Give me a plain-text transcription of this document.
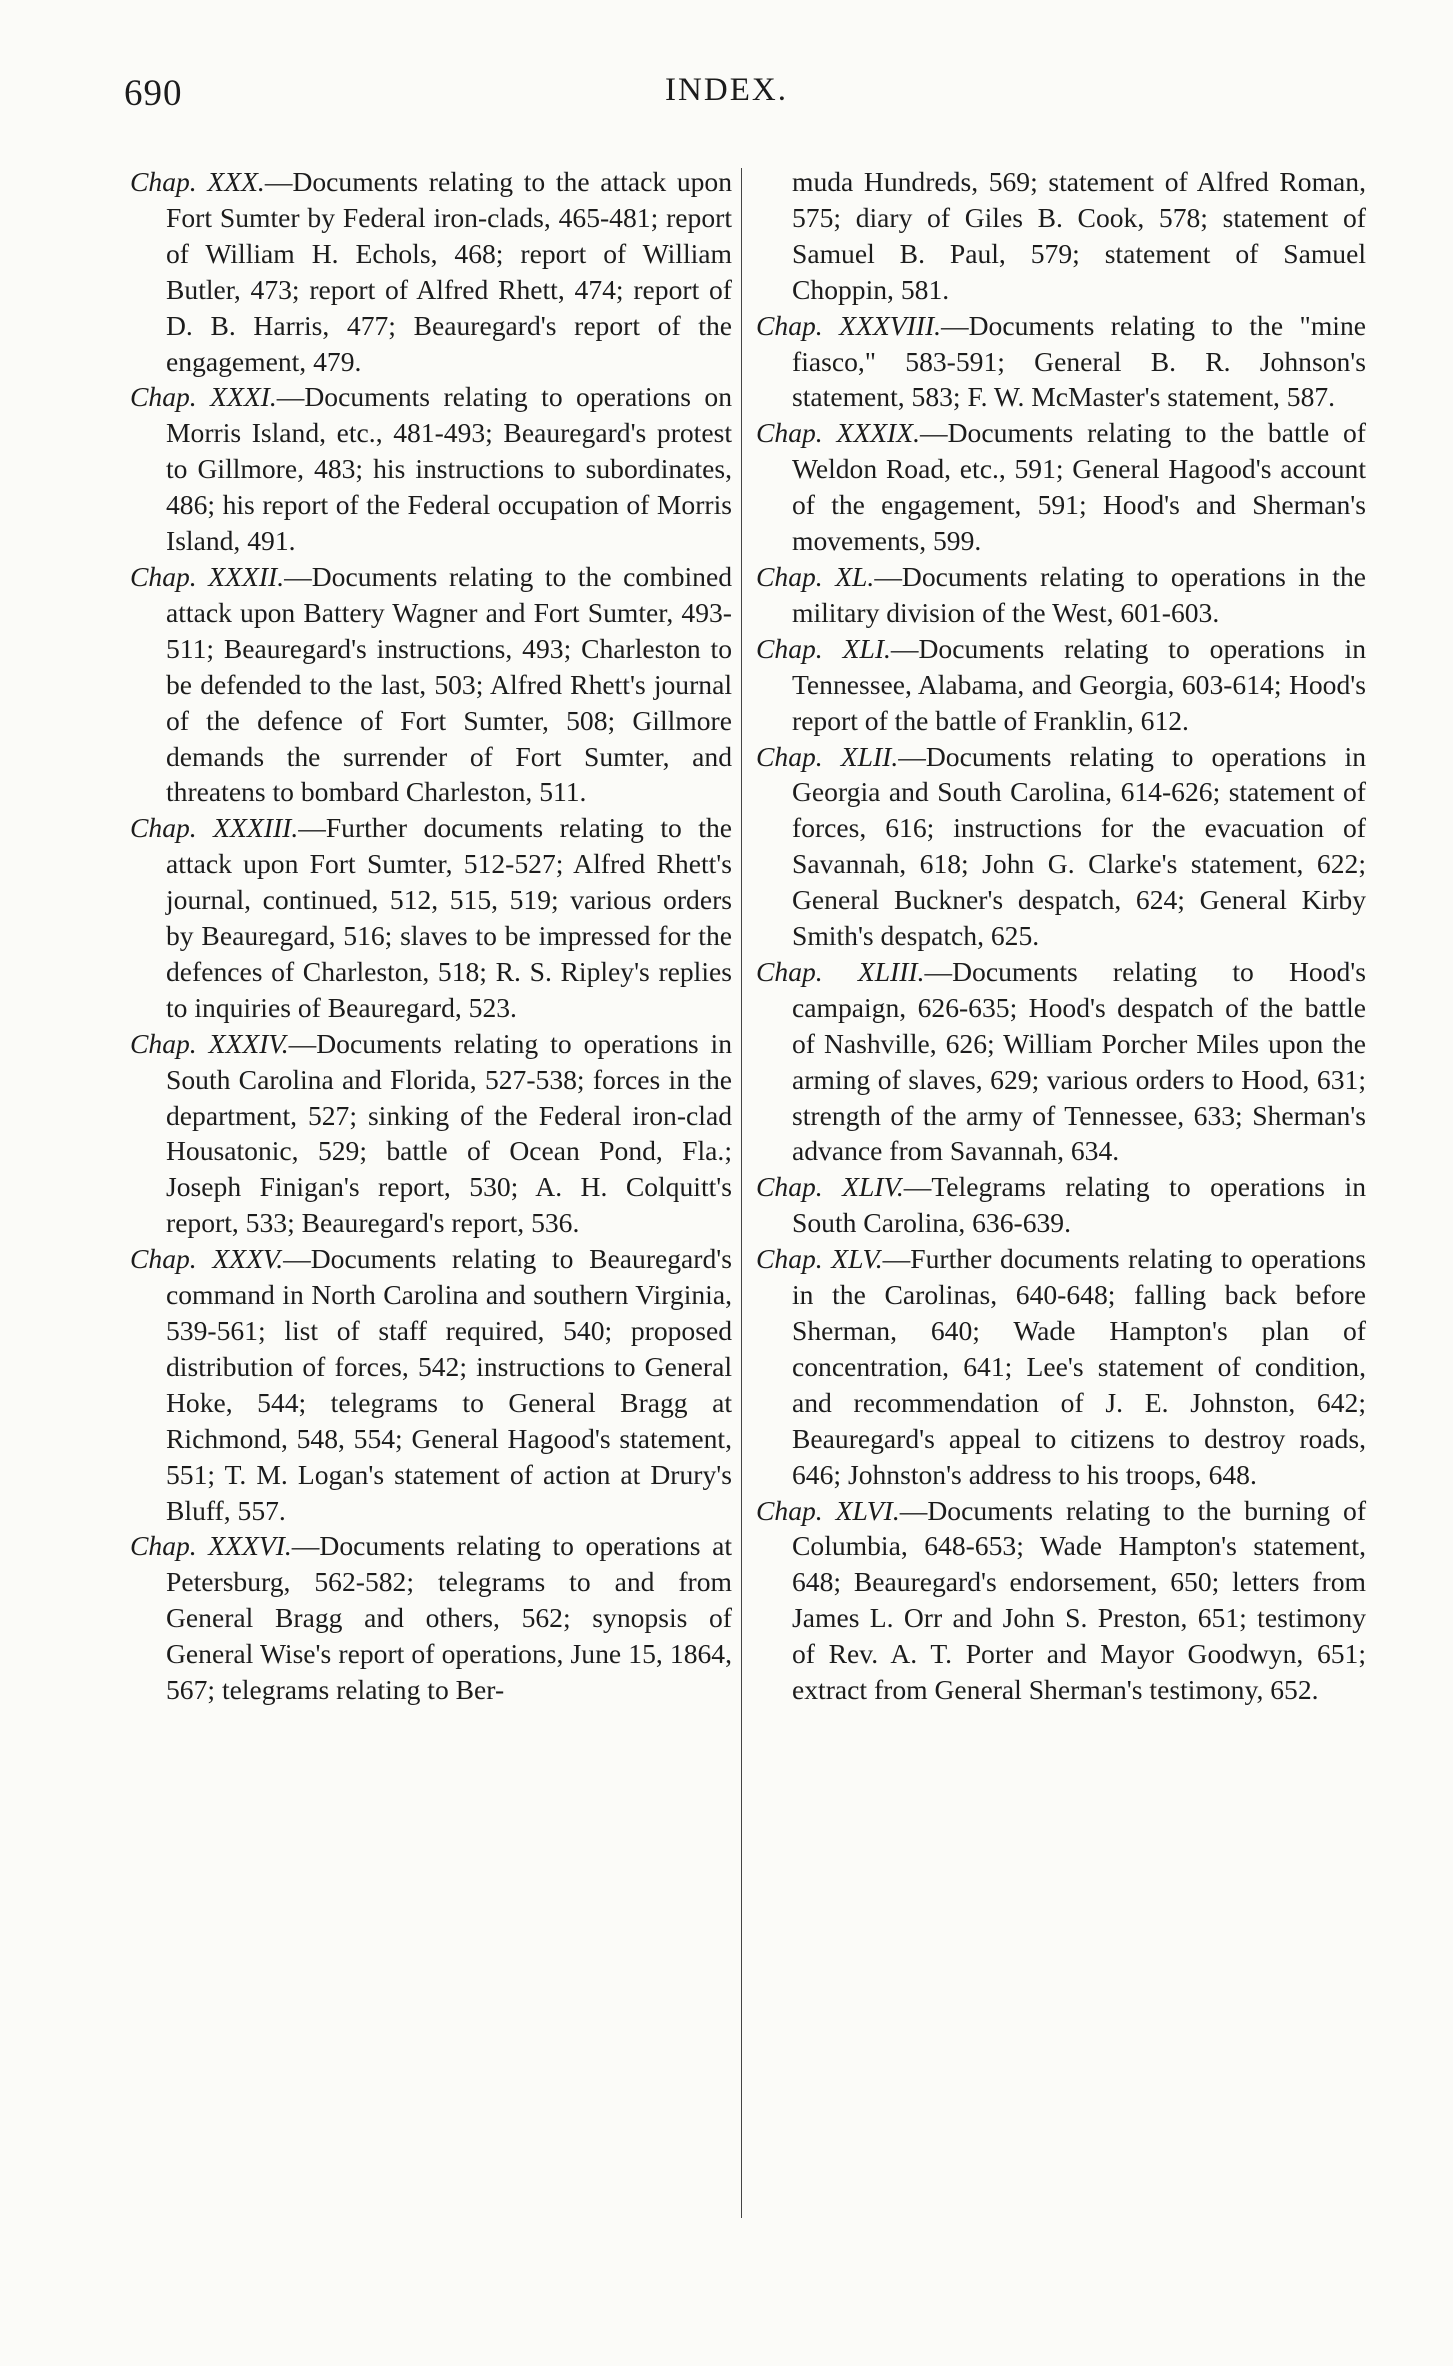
690	INDEX.

Chap. XXX.—Documents relating to the attack upon Fort Sumter by Federal iron-clads, 465-481; report of William H. Echols, 468; report of William Butler, 473; report of Alfred Rhett, 474; report of D. B. Harris, 477; Beauregard's report of the engagement, 479.

Chap. XXXI.—Documents relating to operations on Morris Island, etc., 481-493; Beauregard's protest to Gillmore, 483; his instructions to subordinates, 486; his report of the Federal occupation of Morris Island, 491.

Chap. XXXII.—Documents relating to the combined attack upon Battery Wagner and Fort Sumter, 493-511; Beauregard's instructions, 493; Charleston to be defended to the last, 503; Alfred Rhett's journal of the defence of Fort Sumter, 508; Gillmore demands the surrender of Fort Sumter, and threatens to bombard Charleston, 511.

Chap. XXXIII.—Further documents relating to the attack upon Fort Sumter, 512-527; Alfred Rhett's journal, continued, 512, 515, 519; various orders by Beauregard, 516; slaves to be impressed for the defences of Charleston, 518; R. S. Ripley's replies to inquiries of Beauregard, 523.

Chap. XXXIV.—Documents relating to operations in South Carolina and Florida, 527-538; forces in the department, 527; sinking of the Federal iron-clad Housatonic, 529; battle of Ocean Pond, Fla.; Joseph Finigan's report, 530; A. H. Colquitt's report, 533; Beauregard's report, 536.

Chap. XXXV.—Documents relating to Beauregard's command in North Carolina and southern Virginia, 539-561; list of staff required, 540; proposed distribution of forces, 542; instructions to General Hoke, 544; telegrams to General Bragg at Richmond, 548, 554; General Hagood's statement, 551; T. M. Logan's statement of action at Drury's Bluff, 557.

Chap. XXXVI.—Documents relating to operations at Petersburg, 562-582; telegrams to and from General Bragg and others, 562; synopsis of General Wise's report of operations, June 15, 1864, 567; telegrams relating to Ber-

muda Hundreds, 569; statement of Alfred Roman, 575; diary of Giles B. Cook, 578; statement of Samuel B. Paul, 579; statement of Samuel Choppin, 581.

Chap. XXXVIII.—Documents relating to the "mine fiasco," 583-591; General B. R. Johnson's statement, 583; F. W. McMaster's statement, 587.

Chap. XXXIX.—Documents relating to the battle of Weldon Road, etc., 591; General Hagood's account of the engagement, 591; Hood's and Sherman's movements, 599.

Chap. XL.—Documents relating to operations in the military division of the West, 601-603.

Chap. XLI.—Documents relating to operations in Tennessee, Alabama, and Georgia, 603-614; Hood's report of the battle of Franklin, 612.

Chap. XLII.—Documents relating to operations in Georgia and South Carolina, 614-626; statement of forces, 616; instructions for the evacuation of Savannah, 618; John G. Clarke's statement, 622; General Buckner's despatch, 624; General Kirby Smith's despatch, 625.

Chap. XLIII.—Documents relating to Hood's campaign, 626-635; Hood's despatch of the battle of Nashville, 626; William Porcher Miles upon the arming of slaves, 629; various orders to Hood, 631; strength of the army of Tennessee, 633; Sherman's advance from Savannah, 634.

Chap. XLIV.—Telegrams relating to operations in South Carolina, 636-639.

Chap. XLV.—Further documents relating to operations in the Carolinas, 640-648; falling back before Sherman, 640; Wade Hampton's plan of concentration, 641; Lee's statement of condition, and recommendation of J. E. Johnston, 642; Beauregard's appeal to citizens to destroy roads, 646; Johnston's address to his troops, 648.

Chap. XLVI.—Documents relating to the burning of Columbia, 648-653; Wade Hampton's statement, 648; Beauregard's endorsement, 650; letters from James L. Orr and John S. Preston, 651; testimony of Rev. A. T. Porter and Mayor Goodwyn, 651; extract from General Sherman's testimony, 652.
